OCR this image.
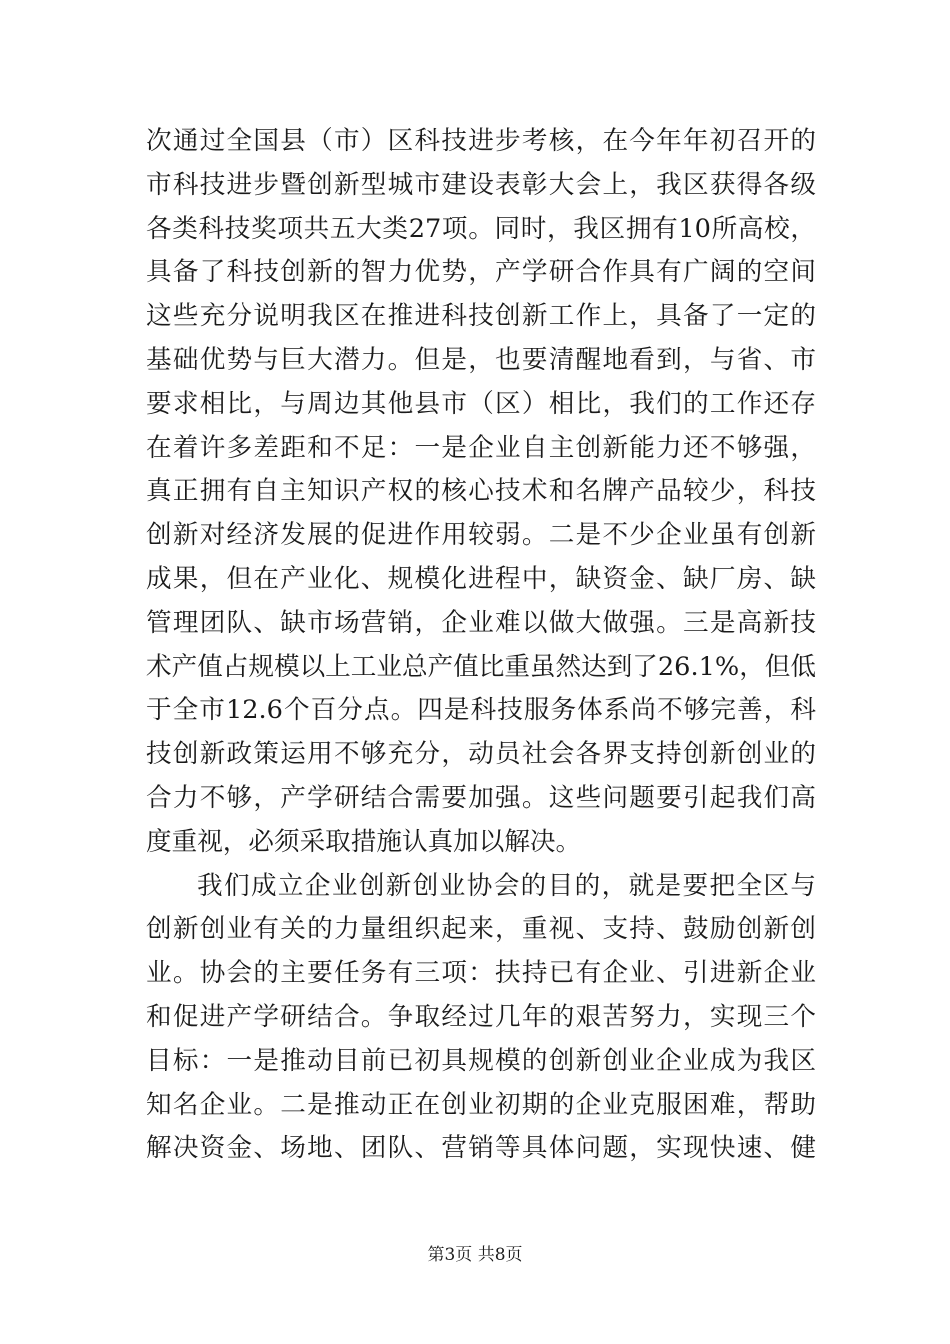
次通过全国县（市）区科技进步考核，在今年年初召开的
市科技进步暨创新型城市建设表彰大会上，我区获得各级
各类科技奖项共五大类27项。同时，我区拥有10所高校，
具备了科技创新的智力优势，产学研合作具有广阔的空间
这些充分说明我区在推进科技创新工作上，具备了一定的
基础优势与巨大潜力。但是，也要清醒地看到，与省、市
要求相比，与周边其他县市（区）相比，我们的工作还存
在着许多差距和不足：一是企业自主创新能力还不够强，
真正拥有自主知识产权的核心技术和名牌产品较少，科技
创新对经济发展的促进作用较弱。二是不少企业虽有创新
成果，但在产业化、规模化进程中，缺资金、缺厂房、缺
管理团队、缺市场营销，企业难以做大做强。三是高新技
术产值占规模以上工业总产值比重虽然达到了26.1%，但低
于全市12.6个百分点。四是科技服务体系尚不够完善，科
技创新政策运用不够充分，动员社会各界支持创新创业的
合力不够，产学研结合需要加强。这些问题要引起我们高
度重视，必须采取措施认真加以解决。
我们成立企业创新创业协会的目的，就是要把全区与
创新创业有关的力量组织起来，重视、支持、鼓励创新创
业。协会的主要任务有三项：扶持已有企业、引进新企业
和促进产学研结合。争取经过几年的艰苦努力，实现三个
目标：一是推动目前已初具规模的创新创业企业成为我区
知名企业。二是推动正在创业初期的企业克服困难，帮助
解决资金、场地、团队、营销等具体问题，实现快速、健
第3页 共8页
